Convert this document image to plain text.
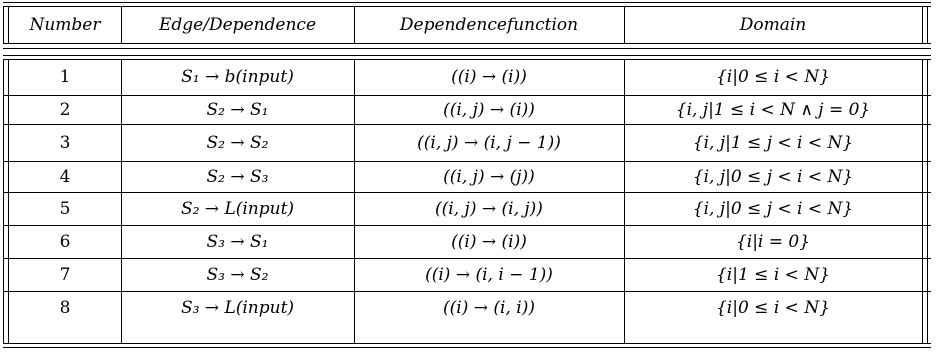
Number	Edge/Dependence	Dependencefunction	Domain
1	S₁ → b(input)	((i) → (i))	{i|0 ≤ i < N}
2	S₂ → S₁	((i, j) → (i))	{i, j|1 ≤ i < N ∧ j = 0}
3	S₂ → S₂	((i, j) → (i, j − 1))	{i, j|1 ≤ j < i < N}
4	S₂ → S₃	((i, j) → (j))	{i, j|0 ≤ j < i < N}
5	S₂ → L(input)	((i, j) → (i, j))	{i, j|0 ≤ j < i < N}
6	S₃ → S₁	((i) → (i))	{i|i = 0}
7	S₃ → S₂	((i) → (i, i − 1))	{i|1 ≤ i < N}
8	S₃ → L(input)	((i) → (i, i))	{i|0 ≤ i < N}
